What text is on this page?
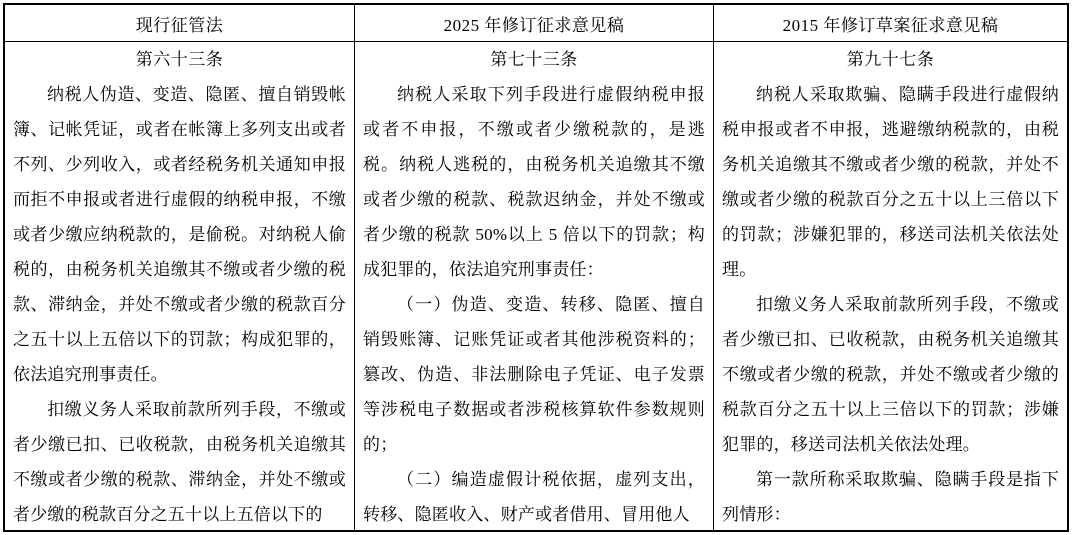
现行征管法
第六十三条

纳税人伪造、变造、隐匿、擅自销毁帐簿、记帐凭证，或者在帐簿上多列支出或者不列、少列收入，或者经税务机关通知申报而拒不申报或者进行虚假的纳税申报，不缴或者少缴应纳税款的，是偷税。对纳税人偷税的，由税务机关追缴其不缴或者少缴的税款、滞纳金，并处不缴或者少缴的税款百分之五十以上五倍以下的罚款；构成犯罪的，依法追究刑事责任。

扣缴义务人采取前款所列手段，不缴或者少缴已扣、已收税款，由税务机关追缴其不缴或者少缴的税款、滞纳金，并处不缴或者少缴的税款百分之五十以上五倍以下的

2025 年修订征求意见稿
第七十三条

纳税人采取下列手段进行虚假纳税申报或者不申报，不缴或者少缴税款的，是逃税。纳税人逃税的，由税务机关追缴其不缴或者少缴的税款、税款迟纳金，并处不缴或者少缴的税款 50%以上 5 倍以下的罚款；构成犯罪的，依法追究刑事责任：

（一）伪造、变造、转移、隐匿、擅自销毁账簿、记账凭证或者其他涉税资料的；篡改、伪造、非法删除电子凭证、电子发票等涉税电子数据或者涉税核算软件参数规则的；

（二）编造虚假计税依据，虚列支出，转移、隐匿收入、财产或者借用、冒用他人

2015 年修订草案征求意见稿
第九十七条

纳税人采取欺骗、隐瞒手段进行虚假纳税申报或者不申报，逃避缴纳税款的，由税务机关追缴其不缴或者少缴的税款，并处不缴或者少缴的税款百分之五十以上三倍以下的罚款；涉嫌犯罪的，移送司法机关依法处理。

扣缴义务人采取前款所列手段，不缴或者少缴已扣、已收税款，由税务机关追缴其不缴或者少缴的税款，并处不缴或者少缴的税款百分之五十以上三倍以下的罚款；涉嫌犯罪的，移送司法机关依法处理。

第一款所称采取欺骗、隐瞒手段是指下列情形：
